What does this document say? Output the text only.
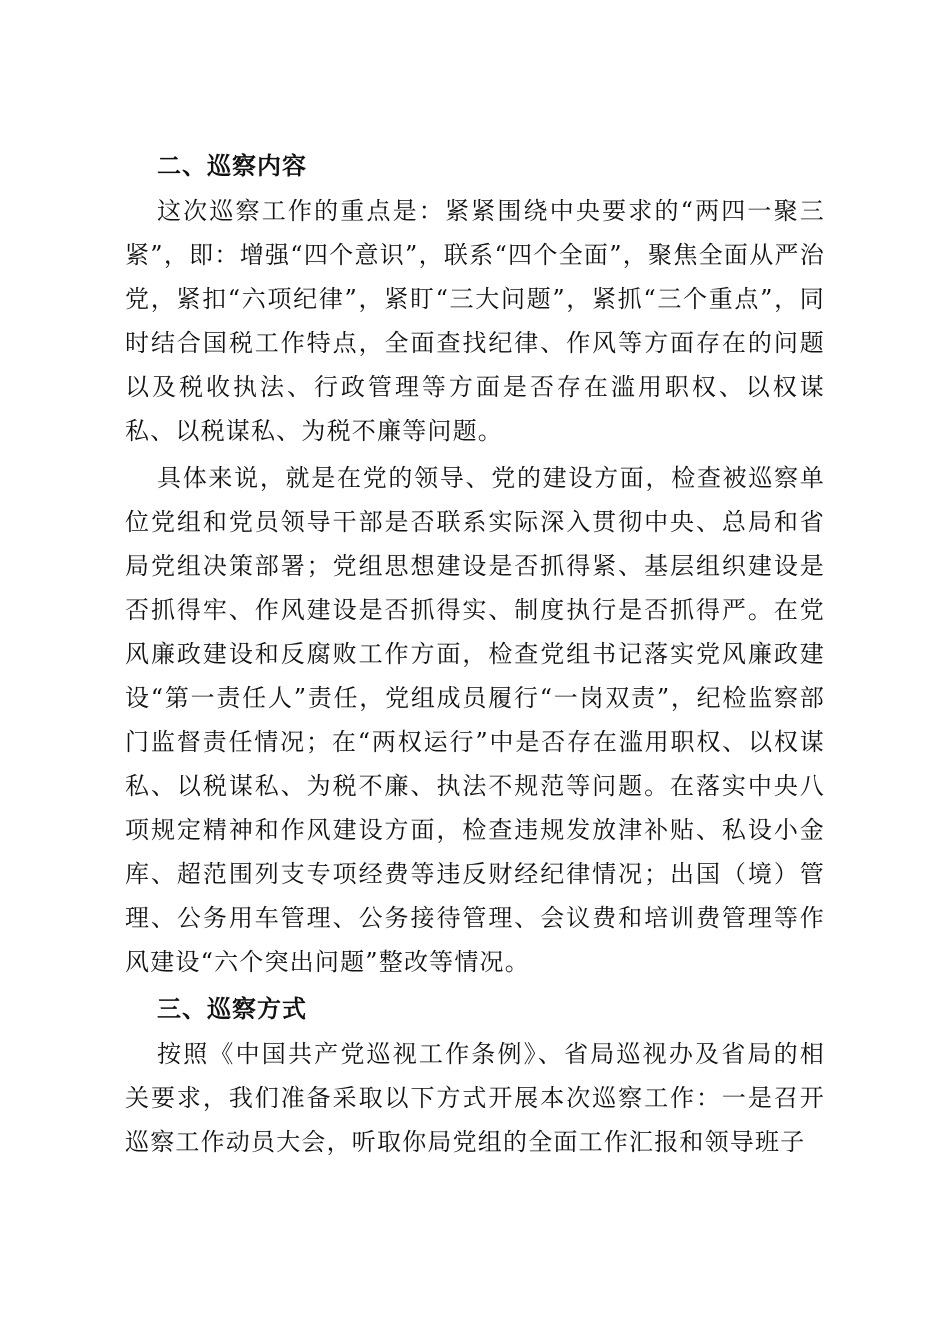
二、巡察内容

这次巡察工作的重点是：紧紧围绕中央要求的“两四一聚三紧”，即：增强“四个意识”，联系“四个全面”，聚焦全面从严治党，紧扣“六项纪律”，紧盯“三大问题”，紧抓“三个重点”，同时结合国税工作特点，全面查找纪律、作风等方面存在的问题以及税收执法、行政管理等方面是否存在滥用职权、以权谋私、以税谋私、为税不廉等问题。

具体来说，就是在党的领导、党的建设方面，检查被巡察单位党组和党员领导干部是否联系实际深入贯彻中央、总局和省局党组决策部署；党组思想建设是否抓得紧、基层组织建设是否抓得牢、作风建设是否抓得实、制度执行是否抓得严。在党风廉政建设和反腐败工作方面，检查党组书记落实党风廉政建设“第一责任人”责任，党组成员履行“一岗双责”，纪检监察部门监督责任情况；在“两权运行”中是否存在滥用职权、以权谋私、以税谋私、为税不廉、执法不规范等问题。在落实中央八项规定精神和作风建设方面，检查违规发放津补贴、私设小金库、超范围列支专项经费等违反财经纪律情况；出国（境）管理、公务用车管理、公务接待管理、会议费和培训费管理等作风建设“六个突出问题”整改等情况。

三、巡察方式

按照《中国共产党巡视工作条例》、省局巡视办及省局的相关要求，我们准备采取以下方式开展本次巡察工作：一是召开巡察工作动员大会，听取你局党组的全面工作汇报和领导班子
